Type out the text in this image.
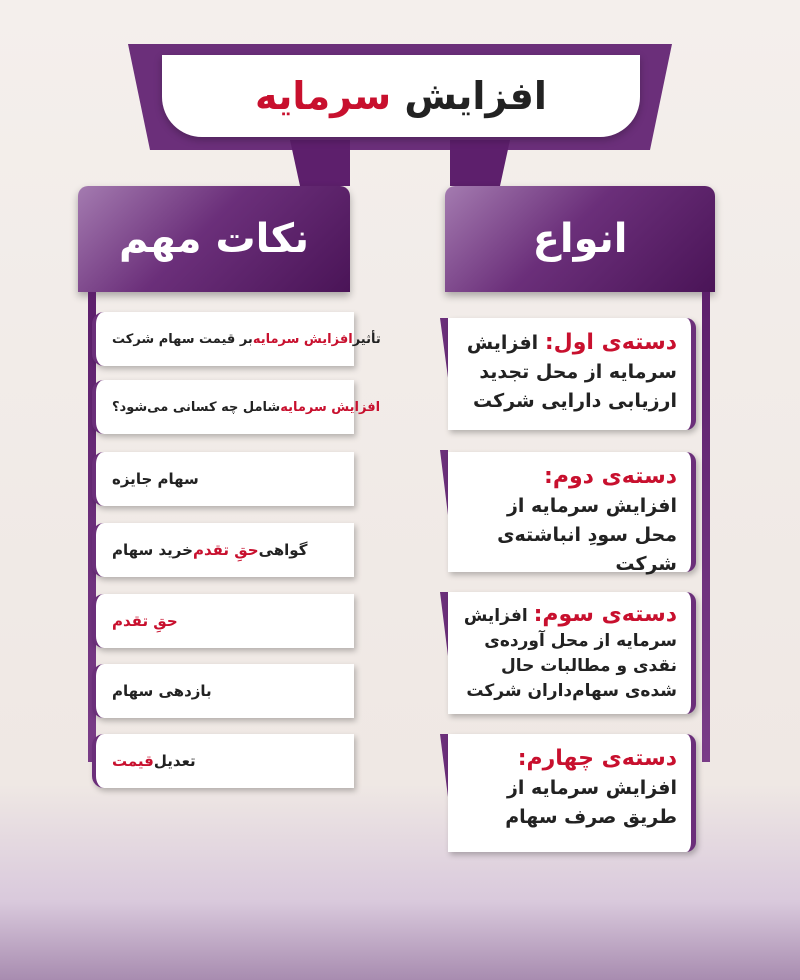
افزایش

سرمایه
انواع
نکات مهم
دسته‌ی اول: افزایش سرمایه از محل تجدید ارزیابی دارایی شرکت
دسته‌ی دوم:
افزایش سرمایه از محل سودِ انباشته‌ی شرکت
دسته‌ی سوم: افزایش سرمایه از محل آورده‌ی نقدی و مطالبات حال شده‌ی سهام‌داران شرکت
دسته‌ی چهارم: افزایش سرمایه از طریق صرف سهام
تأثیر
افزایش سرمایه
بر قیمت سهام شرکت
افزایش سرمایه
شامل چه کسانی می‌شود؟
سهام جایزه
گواهی
حقِ تقدم
خرید سهام
حقِ تقدم
بازدهی سهام
تعدیل
قیمت
